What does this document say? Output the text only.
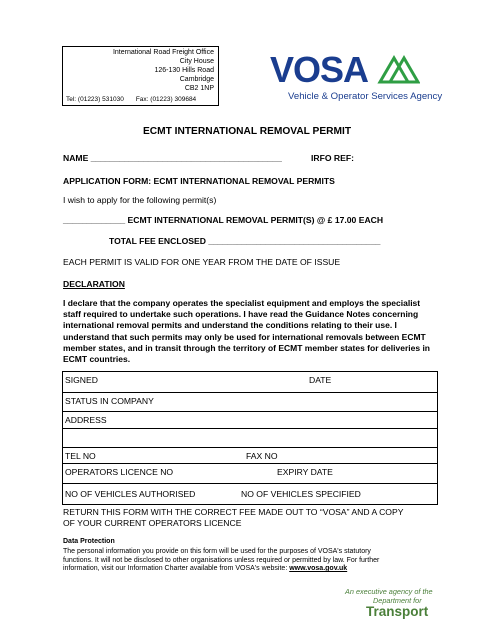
International Road Freight Office
City House
126-130 Hills Road
Cambridge
CB2 1NP
Tel: (01223) 531030 Fax: (01223) 309684
VOSA
Vehicle & Operator Services Agency
ECMT INTERNATIONAL REMOVAL PERMIT
NAME ________________________________________	IRFO REF:
APPLICATION FORM: ECMT INTERNATIONAL REMOVAL PERMITS
I wish to apply for the following permit(s)
_____________ ECMT INTERNATIONAL REMOVAL PERMIT(S) @ £ 17.00 EACH
TOTAL FEE ENCLOSED ____________________________________
EACH PERMIT IS VALID FOR ONE YEAR FROM THE DATE OF ISSUE
DECLARATION
I declare that the company operates the specialist equipment and employs the specialist staff required to undertake such operations. I have read the Guidance Notes concerning international removal permits and understand the conditions relating to their use. I understand that such permits may only be used for international removals between ECMT member states, and in transit through the territory of ECMT member states for deliveries in ECMT countries.
SIGNED	DATE
STATUS IN COMPANY
ADDRESS
TEL NO	FAX NO
OPERATORS LICENCE NO	EXPIRY DATE
NO OF VEHICLES AUTHORISED	NO OF VEHICLES SPECIFIED
RETURN THIS FORM WITH THE CORRECT FEE MADE OUT TO “VOSA” AND A COPY
OF YOUR CURRENT OPERATORS LICENCE
Data Protection
The personal information you provide on this form will be used for the purposes of VOSA's statutory
functions. It will not be disclosed to other organisations unless required or permitted by law. For further
information, visit our Information Charter available from VOSA's website: www.vosa.gov.uk
An executive agency of the
Department for
Transport
